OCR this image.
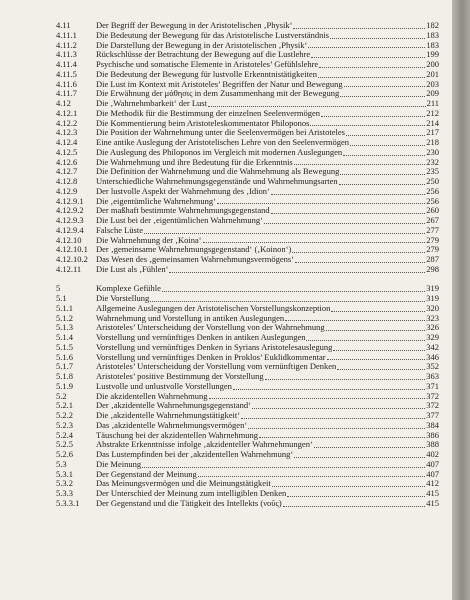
4.11	Der Begriff der Bewegung in der Aristotelischen ‚Physik‘	182
4.11.1	Die Bedeutung der Bewegung für das Aristotelische Lustverständnis	183
4.11.2	Die Darstellung der Bewegung in der Aristotelischen ‚Physik‘	183
4.11.3	Rückschlüsse der Betrachtung der Bewegung auf die Lustlehre	199
4.11.4	Psychische und somatische Elemente in Aristoteles’ Gefühlslehre	200
4.11.5	Die Bedeutung der Bewegung für lustvolle Erkenntnistätigkeiten	201
4.11.6	Die Lust im Kontext mit Aristoteles’ Begriffen der Natur und Bewegung	203
4.11.7	Die Erwähnung der μάθησις in dem Zusammenhang mit der Bewegung	209
4.12	Die ‚Wahrnehmbarkeit‘ der Lust	211
4.12.1	Die Methodik für die Bestimmung der einzelnen Seelenvermögen	212
4.12.2	Die Kommentierung beim Aristoteleskommentator Philoponos	214
4.12.3	Die Position der Wahrnehmung unter die Seelenvermögen bei Aristoteles	217
4.12.4	Eine antike Auslegung der Aristotelischen Lehre von den Seelenvermögen	218
4.12.5	Die Auslegung des Philoponos im Vergleich mit modernen Auslegungen	230
4.12.6	Die Wahrnehmung und ihre Bedeutung für die Erkenntnis	232
4.12.7	Die Definition der Wahrnehmung und die Wahrnehmung als Bewegung	235
4.12.8	Unterschiedliche Wahrnehmungsgegenstände und Wahrnehmungsarten	250
4.12.9	Der lustvolle Aspekt der Wahrnehmung des ‚Idion‘	256
4.12.9.1	Die ‚eigentümliche Wahrnehmung‘	256
4.12.9.2	Der maßhaft bestimmte Wahrnehmungsgegenstand	260
4.12.9.3	Die Lust bei der ‚eigentümlichen Wahrnehmung‘	267
4.12.9.4	Falsche Lüste	277
4.12.10	Die Wahrnehmung der ‚Koina‘	279
4.12.10.1 Der ‚gemeinsame Wahrnehmungsgegenstand‘ (‚Koinon‘)	279
4.12.10.2 Das Wesen des ‚gemeinsamen Wahrnehmungsvermögens‘	287
4.12.11	Die Lust als ‚Fühlen‘	298
5	Komplexe Gefühle	319
5.1	Die Vorstellung	319
5.1.1	Allgemeine Auslegungen der Aristotelischen Vorstellungskonzeption	320
5.1.2	Wahrnehmung und Vorstellung in antiken Auslegungen	323
5.1.3	Aristoteles’ Unterscheidung der Vorstellung von der Wahrnehmung	326
5.1.4	Vorstellung und vernünftiges Denken in antiken Auslegungen	329
5.1.5	Vorstellung und vernünftiges Denken in Syrians Aristotelesauslegung	342
5.1.6	Vorstellung und vernünftiges Denken in Proklos’ Euklidkommentar	346
5.1.7	Aristoteles’ Unterscheidung der Vorstellung vom vernünftigen Denken	352
5.1.8	Aristoteles’ positive Bestimmung der Vorstellung	363
5.1.9	Lustvolle und unlustvolle Vorstellungen	371
5.2	Die akzidentellen Wahrnehmung	372
5.2.1	Der ‚akzidentelle Wahrnehmungsgegenstand‘	372
5.2.2	Die ‚akzidentelle Wahrnehmungstätigkeit‘	377
5.2.3	Das ‚akzidentelle Wahrnehmungsvermögen‘	384
5.2.4	Täuschung bei der akzidentellen Wahrnehmung	386
5.2.5	Abstrakte Erkenntnisse infolge ‚akzidenteller Wahrnehmungen‘	388
5.2.6	Das Lustempfinden bei der ‚akzidentellen Wahrnehmung‘	402
5.3	Die Meinung	407
5.3.1	Der Gegenstand der Meinung	407
5.3.2	Das Meinungsvermögen und die Meinungstätigkeit	412
5.3.3	Der Unterschied der Meinung zum intelligiblen Denken	415
5.3.3.1	Der Gegenstand und die Tätigkeit des Intellekts (νοῦς)	415
